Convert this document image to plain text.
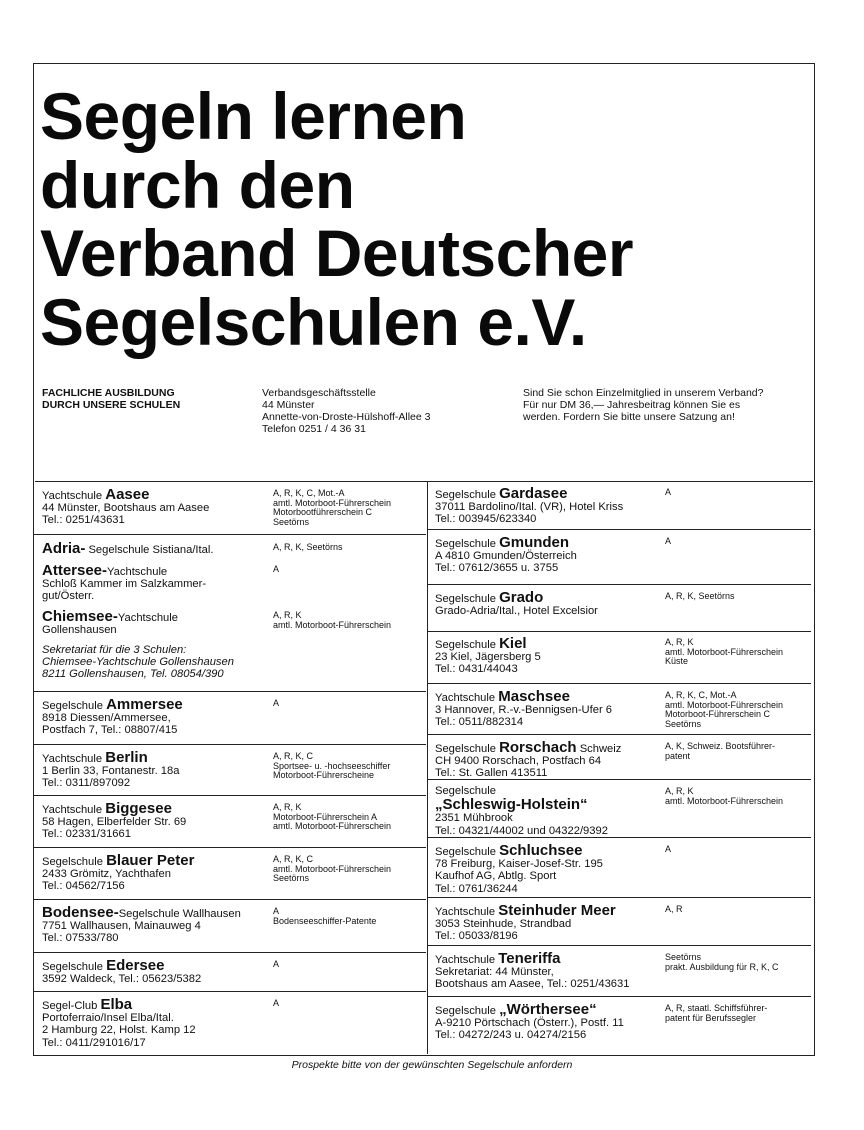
Segeln lernen
durch den
Verband Deutscher
Segelschulen e.V.
FACHLICHE AUSBILDUNG
DURCH UNSERE SCHULEN
Verbandsgeschäftsstelle
44 Münster
Annette-von-Droste-Hülshoff-Allee 3
Telefon 0251 / 4 36 31
Sind Sie schon Einzelmitglied in unserem Verband?
Für nur DM 36,— Jahresbeitrag können Sie es
werden. Fordern Sie bitte unsere Satzung an!
Yachtschule Aasee
44 Münster, Bootshaus am Aasee
Tel.: 0251/43631
A, R, K, C, Mot.-A
amtl. Motorboot-Führerschein
Motorbootführerschein C
Seetörns
Adria- Segelschule Sistiana/Ital.	A, R, K, Seetörns
Attersee-Yachtschule
Schloß Kammer im Salzkammer-
gut/Österr.
A
Chiemsee-Yachtschule
Gollenshausen
A, R, K
amtl. Motorboot-Führerschein
Sekretariat für die 3 Schulen:
Chiemsee-Yachtschule Gollenshausen
8211 Gollenshausen, Tel. 08054/390
Segelschule Ammersee
8918 Diessen/Ammersee,
Postfach 7, Tel.: 08807/415
A
Yachtschule Berlin
1 Berlin 33, Fontanestr. 18a
Tel.: 0311/897092
A, R, K, C
Sportsee- u. -hochseeschiffer
Motorboot-Führerscheine
Yachtschule Biggesee
58 Hagen, Elberfelder Str. 69
Tel.: 02331/31661
A, R, K
Motorboot-Führerschein A
amtl. Motorboot-Führerschein
Segelschule Blauer Peter
2433 Grömitz, Yachthafen
Tel.: 04562/7156
A, R, K, C
amtl. Motorboot-Führerschein
Seetörns
Bodensee-Segelschule Wallhausen
7751 Wallhausen, Mainauweg 4
Tel.: 07533/780
A
Bodenseeschiffer-Patente
Segelschule Edersee
3592 Waldeck, Tel.: 05623/5382
A
Segel-Club Elba
Portoferraio/Insel Elba/Ital.
2 Hamburg 22, Holst. Kamp 12
Tel.: 0411/291016/17
A
Segelschule Gardasee
37011 Bardolino/Ital. (VR), Hotel Kriss
Tel.: 003945/623340
A
Segelschule Gmunden
A 4810 Gmunden/Österreich
Tel.: 07612/3655 u. 3755
A
Segelschule Grado
Grado-Adria/Ital., Hotel Excelsior
A, R, K, Seetörns
Segelschule Kiel
23 Kiel, Jägersberg 5
Tel.: 0431/44043
A, R, K
amtl. Motorboot-Führerschein
Küste
Yachtschule Maschsee
3 Hannover, R.-v.-Bennigsen-Ufer 6
Tel.: 0511/882314
A, R, K, C, Mot.-A
amtl. Motorboot-Führerschein
Motorboot-Führerschein C
Seetörns
Segelschule Rorschach Schweiz
CH 9400 Rorschach, Postfach 64
Tel.: St. Gallen 413511
A, K, Schweiz. Bootsführer-
patent
Segelschule
„Schleswig-Holstein“
2351 Mühbrook
Tel.: 04321/44002 und 04322/9392
A, R, K
amtl. Motorboot-Führerschein
Segelschule Schluchsee
78 Freiburg, Kaiser-Josef-Str. 195
Kaufhof AG, Abtlg. Sport
Tel.: 0761/36244
A
Yachtschule Steinhuder Meer
3053 Steinhude, Strandbad
Tel.: 05033/8196
A, R
Yachtschule Teneriffa
Sekretariat: 44 Münster,
Bootshaus am Aasee, Tel.: 0251/43631
Seetörns
prakt. Ausbildung für R, K, C
Segelschule „Wörthersee“
A-9210 Pörtschach (Österr.), Postf. 11
Tel.: 04272/243 u. 04274/2156
A, R, staatl. Schiffsführer-
patent für Berufssegler
Prospekte bitte von der gewünschten Segelschule anfordern
